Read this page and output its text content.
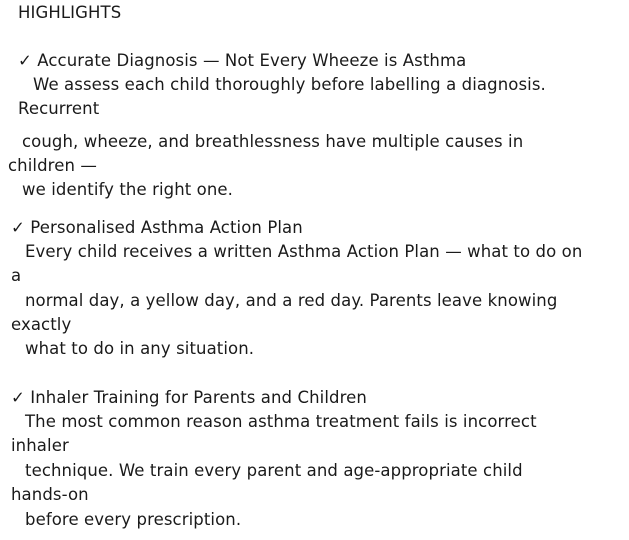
HIGHLIGHTS
✓ Accurate Diagnosis — Not Every Wheeze is Asthma
We assess each child thoroughly before labelling a diagnosis.
Recurrent
cough, wheeze, and breathlessness have multiple causes in
children —
we identify the right one.
✓ Personalised Asthma Action Plan
Every child receives a written Asthma Action Plan — what to do on
a
normal day, a yellow day, and a red day. Parents leave knowing
exactly
what to do in any situation.
✓ Inhaler Training for Parents and Children
The most common reason asthma treatment fails is incorrect
inhaler
technique. We train every parent and age-appropriate child
hands-on
before every prescription.
